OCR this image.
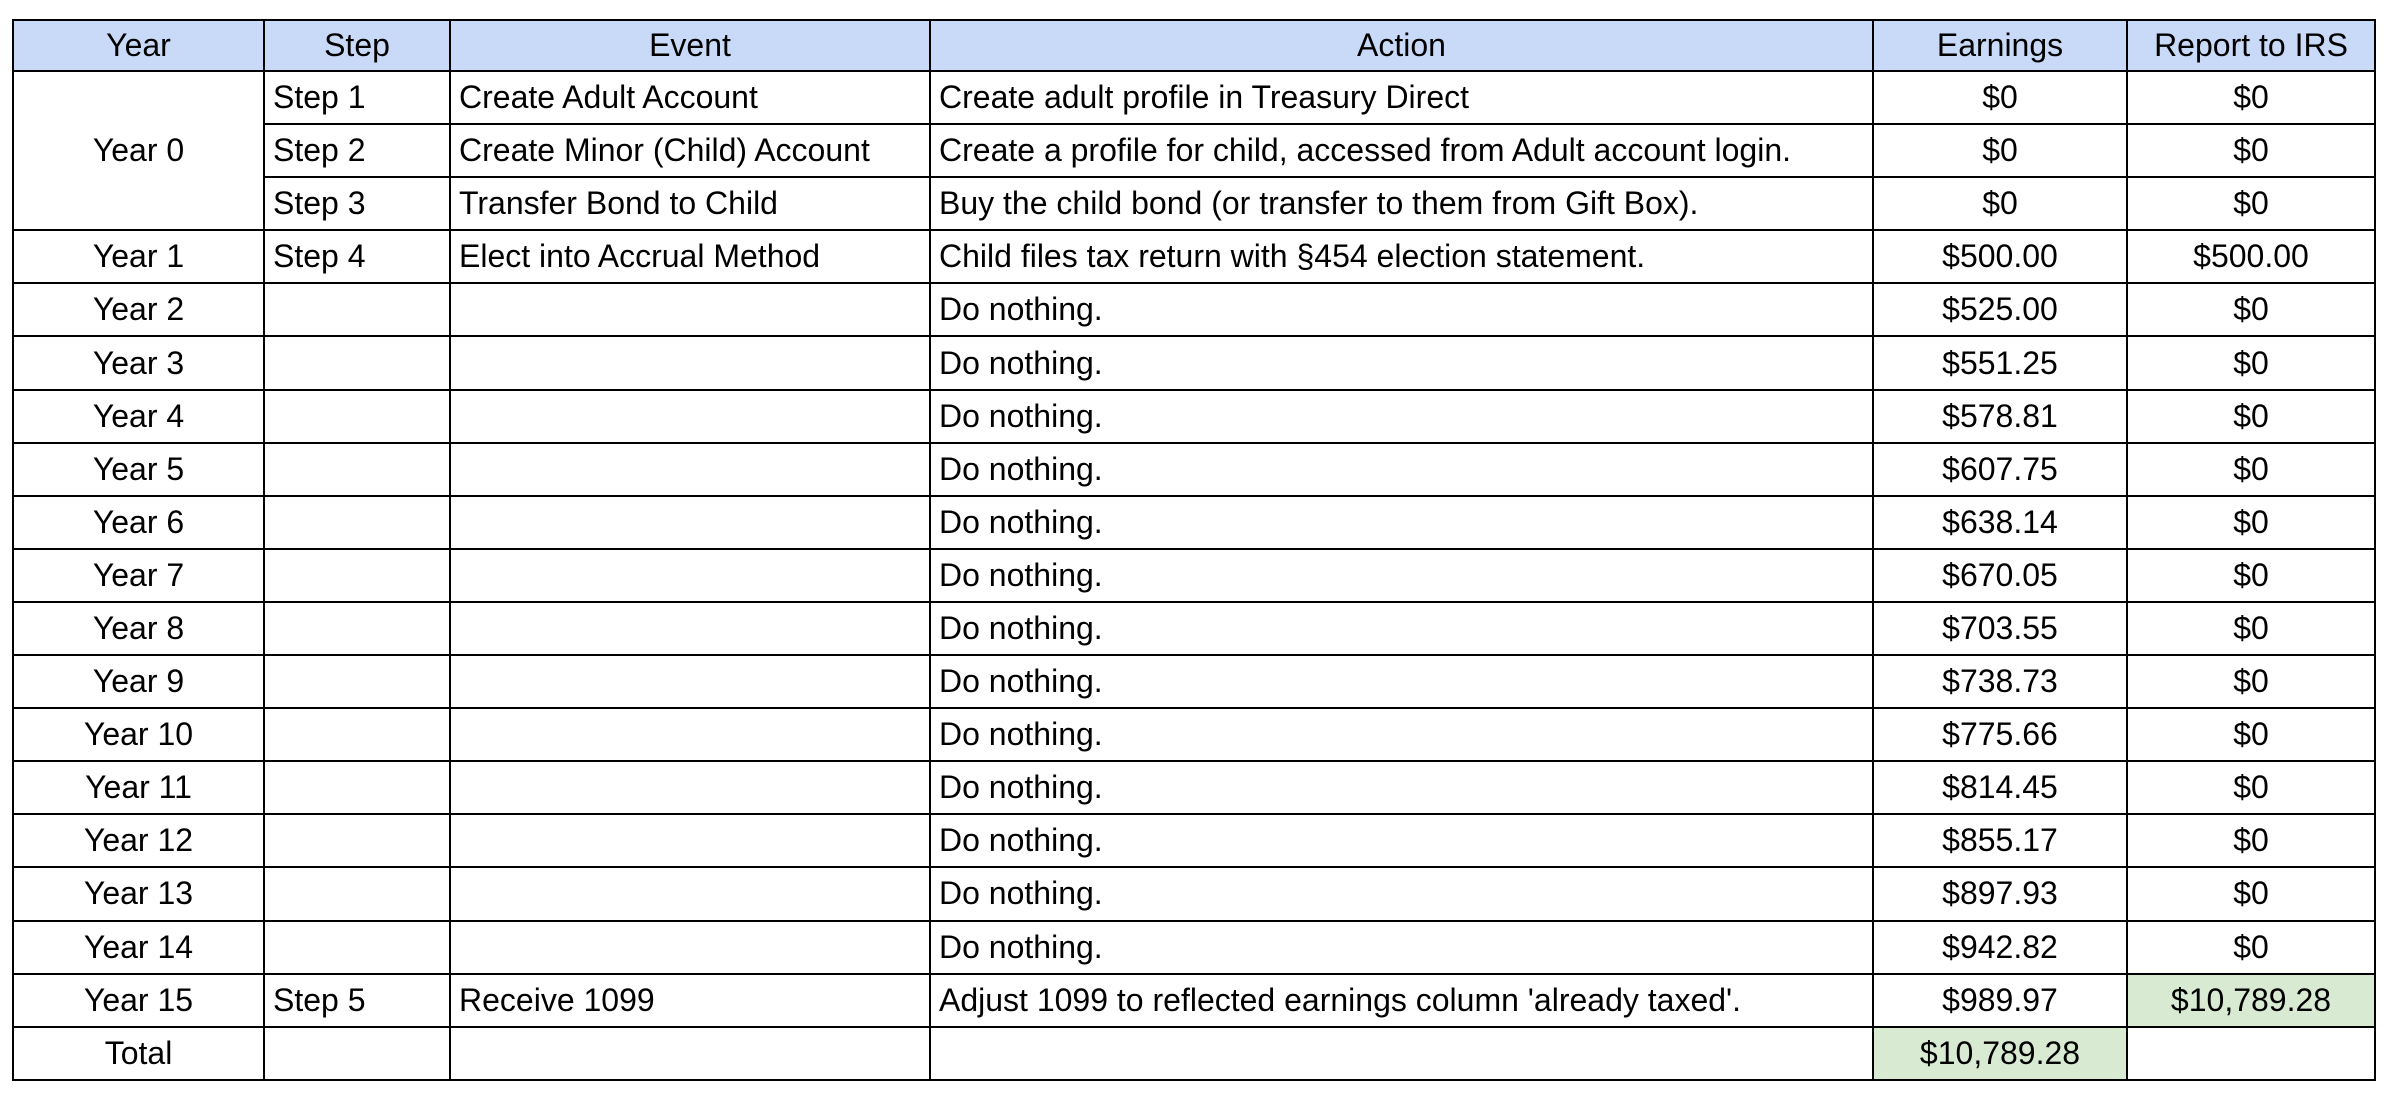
Year	Step	Event	Action	Earnings	Report to IRS
Year 0	Step 1	Create Adult Account	Create adult profile in Treasury Direct	$0	$0
	Step 2	Create Minor (Child) Account	Create a profile for child, accessed from Adult account login.	$0	$0
	Step 3	Transfer Bond to Child	Buy the child bond (or transfer to them from Gift Box).	$0	$0
Year 1	Step 4	Elect into Accrual Method	Child files tax return with §454 election statement.	$500.00	$500.00
Year 2			Do nothing.	$525.00	$0
Year 3			Do nothing.	$551.25	$0
Year 4			Do nothing.	$578.81	$0
Year 5			Do nothing.	$607.75	$0
Year 6			Do nothing.	$638.14	$0
Year 7			Do nothing.	$670.05	$0
Year 8			Do nothing.	$703.55	$0
Year 9			Do nothing.	$738.73	$0
Year 10			Do nothing.	$775.66	$0
Year 11			Do nothing.	$814.45	$0
Year 12			Do nothing.	$855.17	$0
Year 13			Do nothing.	$897.93	$0
Year 14			Do nothing.	$942.82	$0
Year 15	Step 5	Receive 1099	Adjust 1099 to reflected earnings column 'already taxed'.	$989.97	$10,789.28
Total				$10,789.28	
